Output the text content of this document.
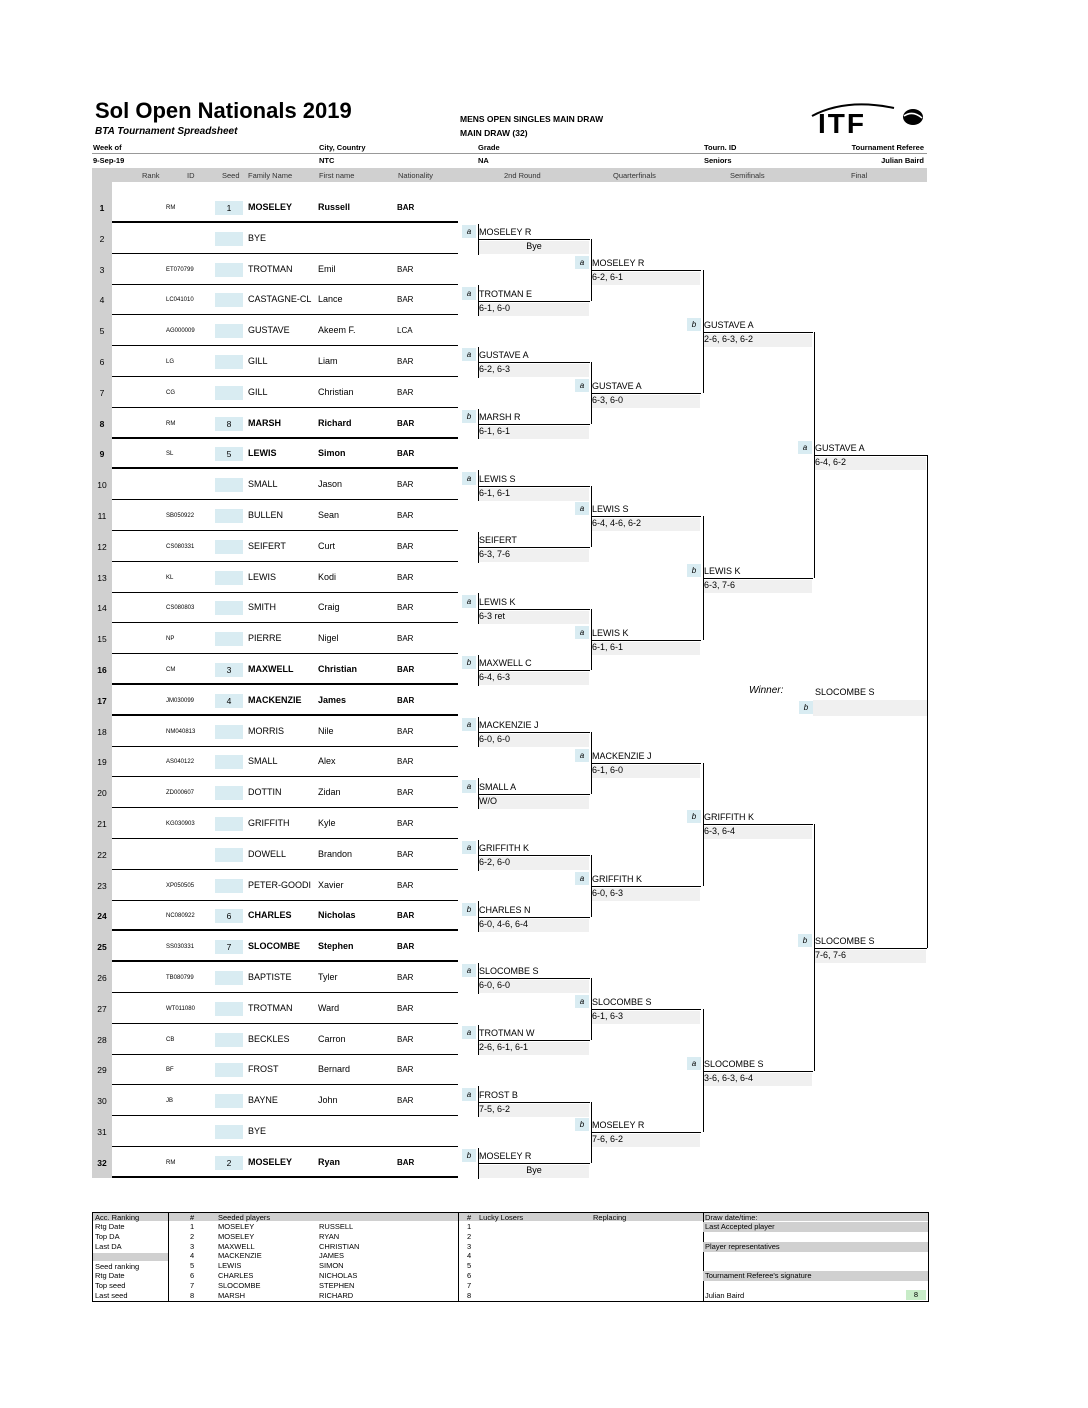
Sol Open Nationals 2019
BTA Tournament Spreadsheet
MENS OPEN SINGLES MAIN DRAW
MAIN DRAW (32)	ITF
Week of	City, Country	Grade	Tourn. ID	Tournament Referee
9-Sep-19	NTC	NA	Seniors	Julian Baird
Rank	ID	Seed Family Name	First name	Nationality	2nd Round	Quarterfinals	Semifinals	Final
1	RM	1	MOSELEY	Russell	BAR
2	BYE
3	ET070799	TROTMAN	Emil	BAR
4	LC041010	CASTAGNE-CL Lance	BAR
5	AG000009	GUSTAVE	Akeem F.	LCA
6	LG	GILL	Liam	BAR
7	CG	GILL	Christian	BAR
8	RM	8	MARSH	Richard	BAR
9	SL	5	LEWIS	Simon	BAR
10	SMALL	Jason	BAR
11	SB050922	BULLEN	Sean	BAR
12	CS080331	SEIFERT	Curt	BAR
13	KL	LEWIS	Kodi	BAR
14	CS080803	SMITH	Craig	BAR
15	NP	PIERRE	Nigel	BAR
16	CM	3	MAXWELL	Christian	BAR
17	JM030099	4	MACKENZIE James	BAR
18	NM040813	MORRIS	Nile	BAR
19	AS040122	SMALL	Alex	BAR
20	ZD000607	DOTTIN	Zidan	BAR
21	KG030903	GRIFFITH	Kyle	BAR
22	DOWELL	Brandon	BAR
23	XP050505	PETER-GOODI Xavier	BAR
24	NC080922	6	CHARLES	Nicholas	BAR
25	SS030331	7	SLOCOMBE Stephen	BAR
26	TB080799	BAPTISTE	Tyler	BAR
27	WT011080	TROTMAN	Ward	BAR
28	CB	BECKLES	Carron	BAR
29	BF	FROST	Bernard	BAR
30	JB	BAYNE	John	BAR
31	BYE
32	RM	2	MOSELEY	Ryan	BAR
a MOSELEY R
Bye
a TROTMAN E
6-1, 6-0
a GUSTAVE A
6-2, 6-3
b MARSH R
6-1, 6-1
a LEWIS S
6-1, 6-1
SEIFERT
6-3, 7-6
a LEWIS K
6-3 ret
b MAXWELL C
6-4, 6-3
a MACKENZIE J
6-0, 6-0
a SMALL A
W/O
a GRIFFITH K
6-2, 6-0
b CHARLES N
6-0, 4-6, 6-4
a SLOCOMBE S
6-0, 6-0
a TROTMAN W
2-6, 6-1, 6-1
a FROST B
7-5, 6-2
b MOSELEY R
Bye
a MOSELEY R
6-2, 6-1
a GUSTAVE A
6-3, 6-0
a LEWIS S
6-4, 4-6, 6-2
a LEWIS K
6-1, 6-1
a MACKENZIE J
6-1, 6-0
a GRIFFITH K
6-0, 6-3
a SLOCOMBE S
6-1, 6-3
b MOSELEY R
7-6, 6-2
b GUSTAVE A
2-6, 6-3, 6-2
b LEWIS K
6-3, 7-6
b GRIFFITH K
6-3, 6-4
a SLOCOMBE S
3-6, 6-3, 6-4
a GUSTAVE A
6-4, 6-2
b SLOCOMBE S
7-6, 7-6
Winner:	SLOCOMBE S
b
Acc. Ranking
Rtg Date
Top DA
Last DA
Seed ranking
Rtg Date
Top seed
Last seed
#	Seeded players
1	MOSELEY	RUSSELL
2	MOSELEY	RYAN
3	MAXWELL	CHRISTIAN
4	MACKENZIE	JAMES
5	LEWIS	SIMON
6	CHARLES	NICHOLAS
7	SLOCOMBE	STEPHEN
8	MARSH	RICHARD
# Lucky Losers	Replacing
1
2
3
4
5
6
7
8
Draw date/time:
Last Accepted player
Player representatives
Tournament Referee's signature
Julian Baird	8
